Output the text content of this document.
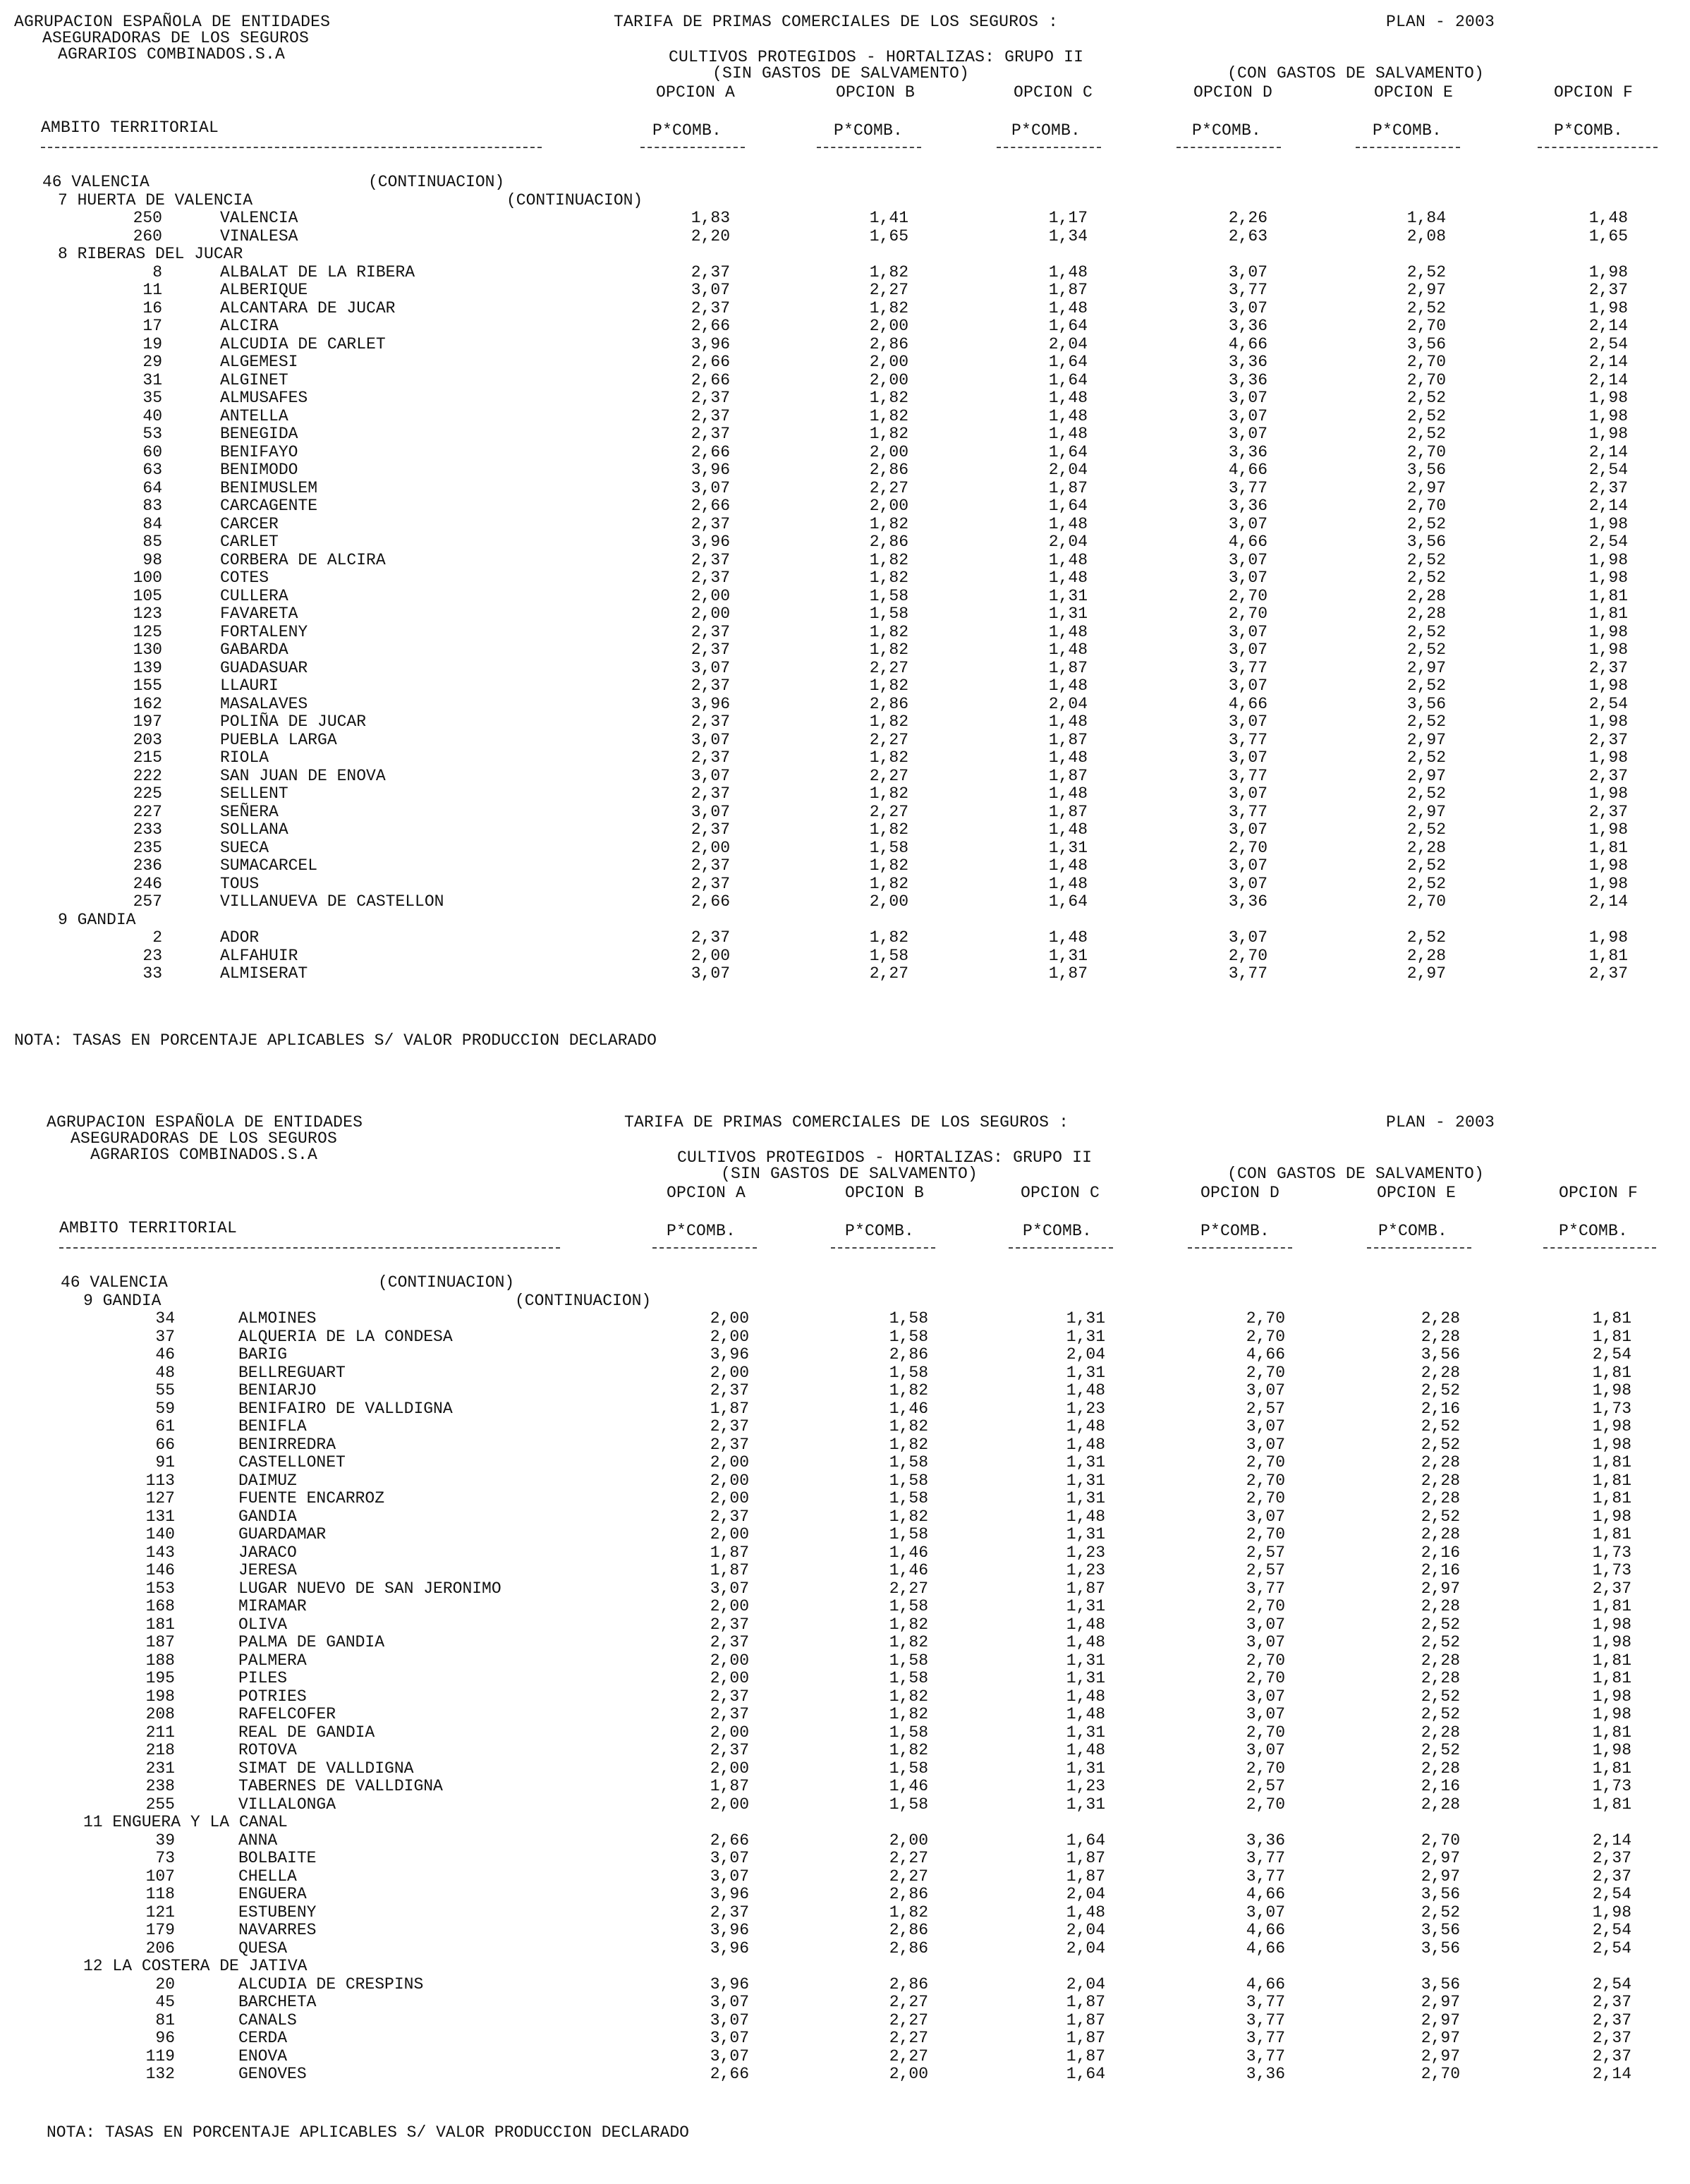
AGRUPACION ESPAÑOLA DE ENTIDADES
ASEGURADORAS DE LOS SEGUROS
AGRARIOS COMBINADOS.S.A
TARIFA DE PRIMAS COMERCIALES DE LOS SEGUROS :	PLAN - 2003
CULTIVOS PROTEGIDOS - HORTALIZAS: GRUPO II
(SIN GASTOS DE SALVAMENTO)	(CON GASTOS DE SALVAMENTO)
OPCION A	OPCION B	OPCION C	OPCION D	OPCION E	OPCION F
AMBITO TERRITORIAL	P*COMB.	P*COMB.	P*COMB.	P*COMB.	P*COMB.	P*COMB.
NOTA: TASAS EN PORCENTAJE APLICABLES S/ VALOR PRODUCCION DECLARADO
46 VALENCIA	(CONTINUACION)
7 HUERTA DE VALENCIA	(CONTINUACION)
250	VALENCIA	1,83	1,41	1,17	2,26	1,84	1,48
260	VINALESA	2,20	1,65	1,34	2,63	2,08	1,65
8 RIBERAS DEL JUCAR
8	ALBALAT DE LA RIBERA	2,37	1,82	1,48	3,07	2,52	1,98
11	ALBERIQUE	3,07	2,27	1,87	3,77	2,97	2,37
16	ALCANTARA DE JUCAR	2,37	1,82	1,48	3,07	2,52	1,98
17	ALCIRA	2,66	2,00	1,64	3,36	2,70	2,14
19	ALCUDIA DE CARLET	3,96	2,86	2,04	4,66	3,56	2,54
29	ALGEMESI	2,66	2,00	1,64	3,36	2,70	2,14
31	ALGINET	2,66	2,00	1,64	3,36	2,70	2,14
35	ALMUSAFES	2,37	1,82	1,48	3,07	2,52	1,98
40	ANTELLA	2,37	1,82	1,48	3,07	2,52	1,98
53	BENEGIDA	2,37	1,82	1,48	3,07	2,52	1,98
60	BENIFAYO	2,66	2,00	1,64	3,36	2,70	2,14
63	BENIMODO	3,96	2,86	2,04	4,66	3,56	2,54
64	BENIMUSLEM	3,07	2,27	1,87	3,77	2,97	2,37
83	CARCAGENTE	2,66	2,00	1,64	3,36	2,70	2,14
84	CARCER	2,37	1,82	1,48	3,07	2,52	1,98
85	CARLET	3,96	2,86	2,04	4,66	3,56	2,54
98	CORBERA DE ALCIRA	2,37	1,82	1,48	3,07	2,52	1,98
100	COTES	2,37	1,82	1,48	3,07	2,52	1,98
105	CULLERA	2,00	1,58	1,31	2,70	2,28	1,81
123	FAVARETA	2,00	1,58	1,31	2,70	2,28	1,81
125	FORTALENY	2,37	1,82	1,48	3,07	2,52	1,98
130	GABARDA	2,37	1,82	1,48	3,07	2,52	1,98
139	GUADASUAR	3,07	2,27	1,87	3,77	2,97	2,37
155	LLAURI	2,37	1,82	1,48	3,07	2,52	1,98
162	MASALAVES	3,96	2,86	2,04	4,66	3,56	2,54
197	POLIÑA DE JUCAR	2,37	1,82	1,48	3,07	2,52	1,98
203	PUEBLA LARGA	3,07	2,27	1,87	3,77	2,97	2,37
215	RIOLA	2,37	1,82	1,48	3,07	2,52	1,98
222	SAN JUAN DE ENOVA	3,07	2,27	1,87	3,77	2,97	2,37
225	SELLENT	2,37	1,82	1,48	3,07	2,52	1,98
227	SEÑERA	3,07	2,27	1,87	3,77	2,97	2,37
233	SOLLANA	2,37	1,82	1,48	3,07	2,52	1,98
235	SUECA	2,00	1,58	1,31	2,70	2,28	1,81
236	SUMACARCEL	2,37	1,82	1,48	3,07	2,52	1,98
246	TOUS	2,37	1,82	1,48	3,07	2,52	1,98
257	VILLANUEVA DE CASTELLON	2,66	2,00	1,64	3,36	2,70	2,14
9 GANDIA
2	ADOR	2,37	1,82	1,48	3,07	2,52	1,98
23	ALFAHUIR	2,00	1,58	1,31	2,70	2,28	1,81
33	ALMISERAT	3,07	2,27	1,87	3,77	2,97	2,37
AGRUPACION ESPAÑOLA DE ENTIDADES
ASEGURADORAS DE LOS SEGUROS
AGRARIOS COMBINADOS.S.A
TARIFA DE PRIMAS COMERCIALES DE LOS SEGUROS :	PLAN - 2003
CULTIVOS PROTEGIDOS - HORTALIZAS: GRUPO II
(SIN GASTOS DE SALVAMENTO)	(CON GASTOS DE SALVAMENTO)
OPCION A	OPCION B	OPCION C	OPCION D	OPCION E	OPCION F
AMBITO TERRITORIAL	P*COMB.	P*COMB.	P*COMB.	P*COMB.	P*COMB.	P*COMB.
NOTA: TASAS EN PORCENTAJE APLICABLES S/ VALOR PRODUCCION DECLARADO
46 VALENCIA	(CONTINUACION)
9 GANDIA	(CONTINUACION)
34	ALMOINES	2,00	1,58	1,31	2,70	2,28	1,81
37	ALQUERIA DE LA CONDESA	2,00	1,58	1,31	2,70	2,28	1,81
46	BARIG	3,96	2,86	2,04	4,66	3,56	2,54
48	BELLREGUART	2,00	1,58	1,31	2,70	2,28	1,81
55	BENIARJO	2,37	1,82	1,48	3,07	2,52	1,98
59	BENIFAIRO DE VALLDIGNA	1,87	1,46	1,23	2,57	2,16	1,73
61	BENIFLA	2,37	1,82	1,48	3,07	2,52	1,98
66	BENIRREDRA	2,37	1,82	1,48	3,07	2,52	1,98
91	CASTELLONET	2,00	1,58	1,31	2,70	2,28	1,81
113	DAIMUZ	2,00	1,58	1,31	2,70	2,28	1,81
127	FUENTE ENCARROZ	2,00	1,58	1,31	2,70	2,28	1,81
131	GANDIA	2,37	1,82	1,48	3,07	2,52	1,98
140	GUARDAMAR	2,00	1,58	1,31	2,70	2,28	1,81
143	JARACO	1,87	1,46	1,23	2,57	2,16	1,73
146	JERESA	1,87	1,46	1,23	2,57	2,16	1,73
153	LUGAR NUEVO DE SAN JERONIMO	3,07	2,27	1,87	3,77	2,97	2,37
168	MIRAMAR	2,00	1,58	1,31	2,70	2,28	1,81
181	OLIVA	2,37	1,82	1,48	3,07	2,52	1,98
187	PALMA DE GANDIA	2,37	1,82	1,48	3,07	2,52	1,98
188	PALMERA	2,00	1,58	1,31	2,70	2,28	1,81
195	PILES	2,00	1,58	1,31	2,70	2,28	1,81
198	POTRIES	2,37	1,82	1,48	3,07	2,52	1,98
208	RAFELCOFER	2,37	1,82	1,48	3,07	2,52	1,98
211	REAL DE GANDIA	2,00	1,58	1,31	2,70	2,28	1,81
218	ROTOVA	2,37	1,82	1,48	3,07	2,52	1,98
231	SIMAT DE VALLDIGNA	2,00	1,58	1,31	2,70	2,28	1,81
238	TABERNES DE VALLDIGNA	1,87	1,46	1,23	2,57	2,16	1,73
255	VILLALONGA	2,00	1,58	1,31	2,70	2,28	1,81
11 ENGUERA Y LA CANAL
39	ANNA	2,66	2,00	1,64	3,36	2,70	2,14
73	BOLBAITE	3,07	2,27	1,87	3,77	2,97	2,37
107	CHELLA	3,07	2,27	1,87	3,77	2,97	2,37
118	ENGUERA	3,96	2,86	2,04	4,66	3,56	2,54
121	ESTUBENY	2,37	1,82	1,48	3,07	2,52	1,98
179	NAVARRES	3,96	2,86	2,04	4,66	3,56	2,54
206	QUESA	3,96	2,86	2,04	4,66	3,56	2,54
12 LA COSTERA DE JATIVA
20	ALCUDIA DE CRESPINS	3,96	2,86	2,04	4,66	3,56	2,54
45	BARCHETA	3,07	2,27	1,87	3,77	2,97	2,37
81	CANALS	3,07	2,27	1,87	3,77	2,97	2,37
96	CERDA	3,07	2,27	1,87	3,77	2,97	2,37
119	ENOVA	3,07	2,27	1,87	3,77	2,97	2,37
132	GENOVES	2,66	2,00	1,64	3,36	2,70	2,14
